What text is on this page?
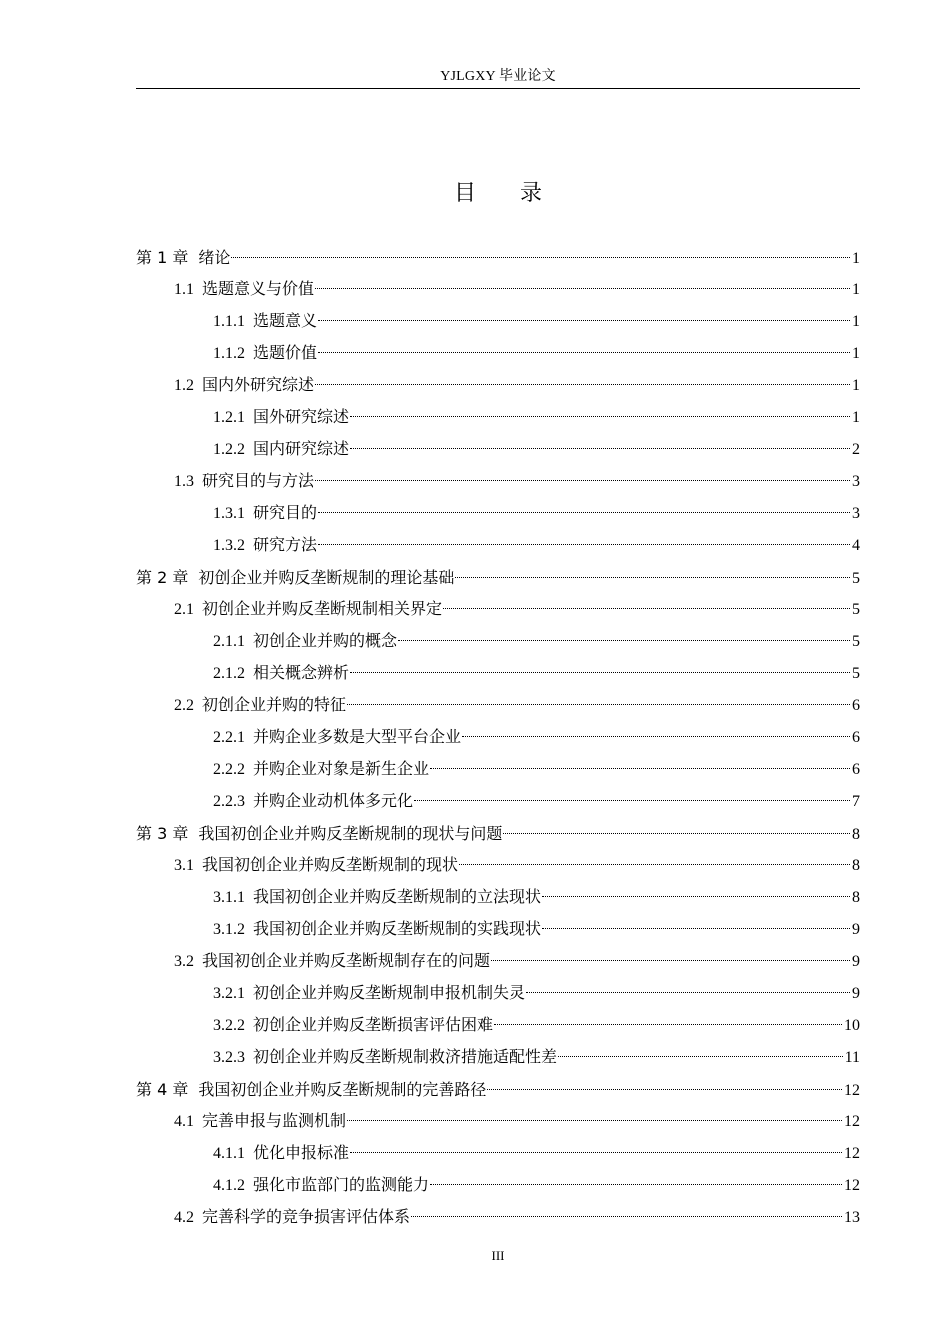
YJLGXY 毕业论文
目　　录
第 1 章 绪论	1
1.1 选题意义与价值	1
1.1.1 选题意义	1
1.1.2 选题价值	1
1.2 国内外研究综述	1
1.2.1 国外研究综述	1
1.2.2 国内研究综述	2
1.3 研究目的与方法	3
1.3.1 研究目的	3
1.3.2 研究方法	4
第 2 章 初创企业并购反垄断规制的理论基础	5
2.1 初创企业并购反垄断规制相关界定	5
2.1.1 初创企业并购的概念	5
2.1.2 相关概念辨析	5
2.2 初创企业并购的特征	6
2.2.1 并购企业多数是大型平台企业	6
2.2.2 并购企业对象是新生企业	6
2.2.3 并购企业动机体多元化	7
第 3 章 我国初创企业并购反垄断规制的现状与问题	8
3.1 我国初创企业并购反垄断规制的现状	8
3.1.1 我国初创企业并购反垄断规制的立法现状	8
3.1.2 我国初创企业并购反垄断规制的实践现状	9
3.2 我国初创企业并购反垄断规制存在的问题	9
3.2.1 初创企业并购反垄断规制申报机制失灵	9
3.2.2 初创企业并购反垄断损害评估困难	10
3.2.3 初创企业并购反垄断规制救济措施适配性差	11
第 4 章 我国初创企业并购反垄断规制的完善路径	12
4.1 完善申报与监测机制	12
4.1.1 优化申报标准	12
4.1.2 强化市监部门的监测能力	12
4.2 完善科学的竞争损害评估体系	13
III
